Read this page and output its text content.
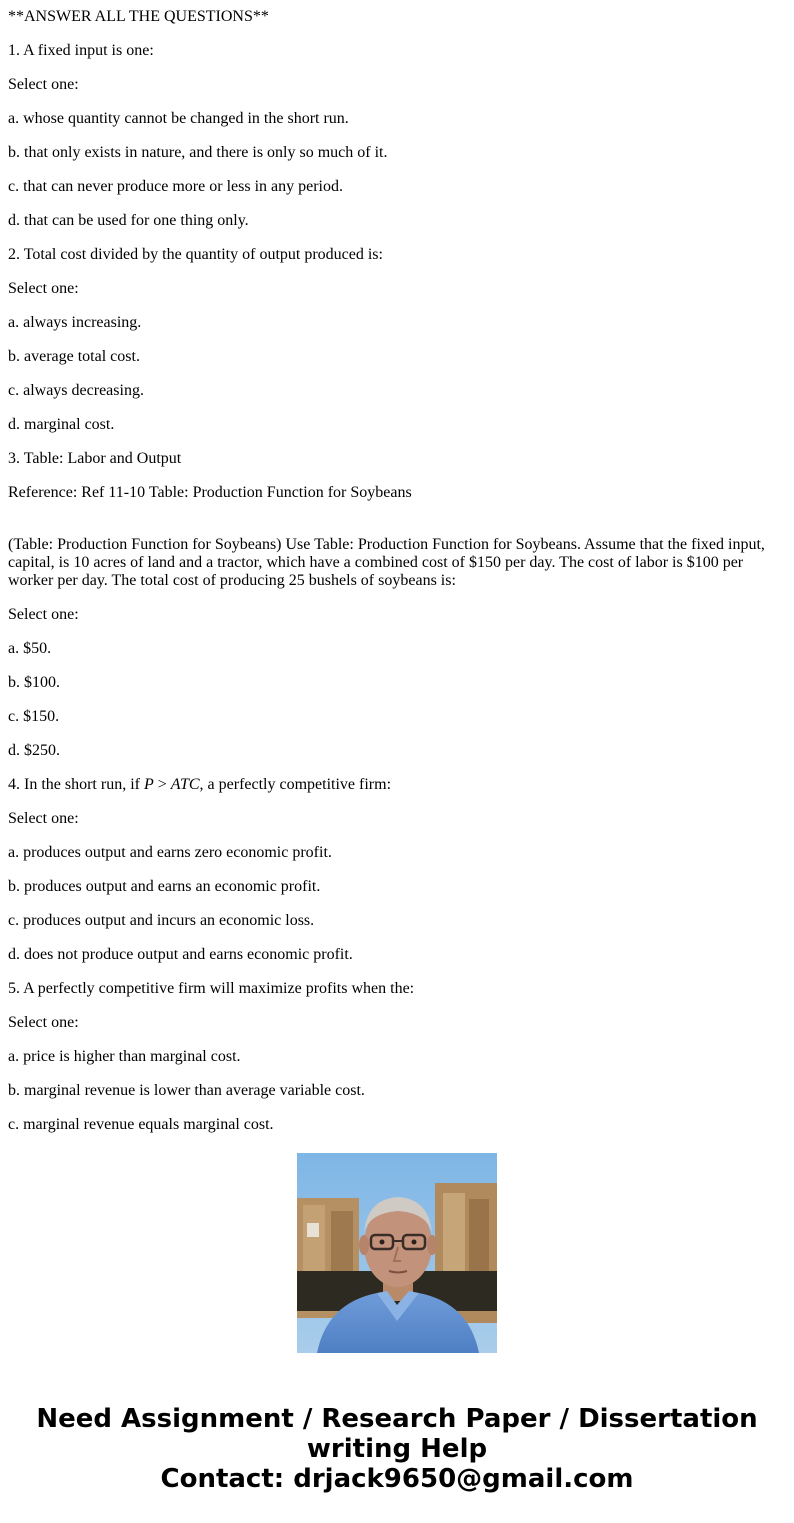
**ANSWER ALL THE QUESTIONS**

1. A fixed input is one:

Select one:

a. whose quantity cannot be changed in the short run.

b. that only exists in nature, and there is only so much of it.

c. that can never produce more or less in any period.

d. that can be used for one thing only.

2. Total cost divided by the quantity of output produced is:

Select one:

a. always increasing.

b. average total cost.

c. always decreasing.

d. marginal cost.

3. Table: Labor and Output

Reference: Ref 11-10 Table: Production Function for Soybeans

(Table: Production Function for Soybeans) Use Table: Production Function for Soybeans. Assume that the fixed input, capital, is 10 acres of land and a tractor, which have a combined cost of $150 per day. The cost of labor is $100 per worker per day. The total cost of producing 25 bushels of soybeans is:

Select one:

a. $50.

b. $100.

c. $150.

d. $250.

4. In the short run, if P > ATC, a perfectly competitive firm:

Select one:

a. produces output and earns zero economic profit.

b. produces output and earns an economic profit.

c. produces output and incurs an economic loss.

d. does not produce output and earns economic profit.

5. A perfectly competitive firm will maximize profits when the:

Select one:

a. price is higher than marginal cost.

b. marginal revenue is lower than average variable cost.

c. marginal revenue equals marginal cost.

Need Assignment / Research Paper / Dissertation
writing Help
Contact: drjack9650@gmail.com
